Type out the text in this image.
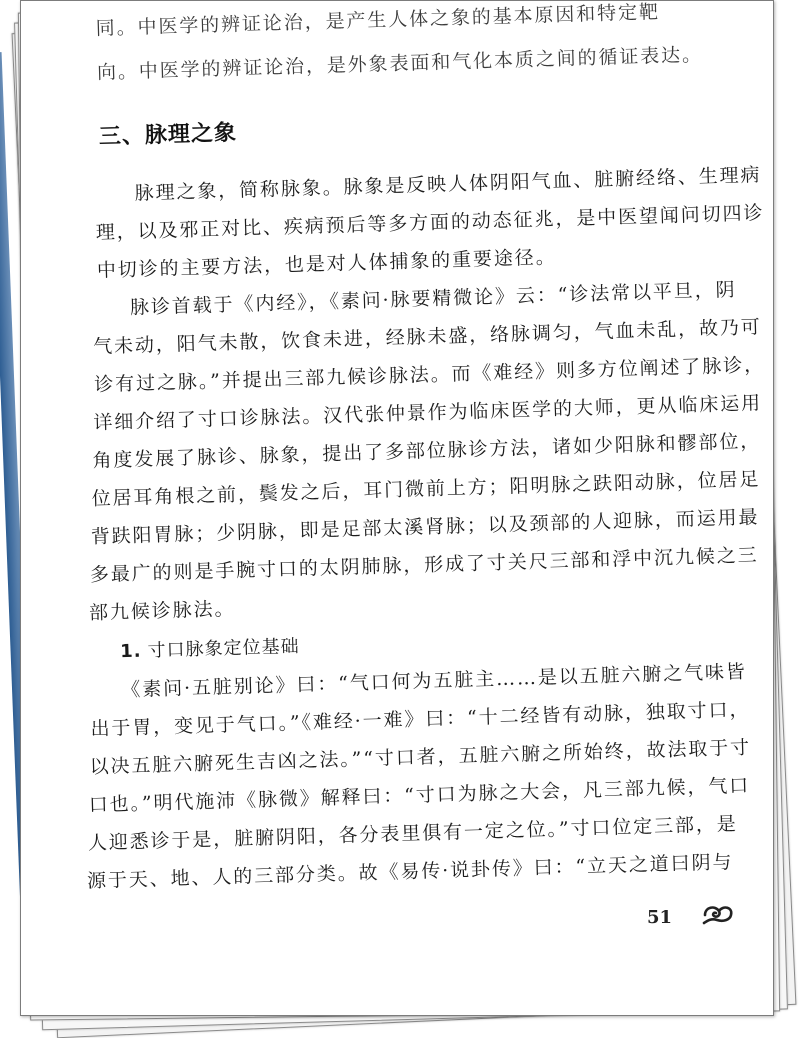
同。中医学的辨证论治，是产生人体之象的基本原因和特定靶
向。中医学的辨证论治，是外象表面和气化本质之间的循证表达。
三、脉理之象
脉理之象，简称脉象。脉象是反映人体阴阳气血、脏腑经络、生理病
理，以及邪正对比、疾病预后等多方面的动态征兆，是中医望闻问切四诊
中切诊的主要方法，也是对人体捕象的重要途径。
脉诊首载于《内经》，《素问·脉要精微论》云：“诊法常以平旦，阴
气未动，阳气未散，饮食未进，经脉未盛，络脉调匀，气血未乱，故乃可
诊有过之脉。”并提出三部九候诊脉法。而《难经》则多方位阐述了脉诊，
详细介绍了寸口诊脉法。汉代张仲景作为临床医学的大师，更从临床运用
角度发展了脉诊、脉象，提出了多部位脉诊方法，诸如少阳脉和髎部位，
位居耳角根之前，鬓发之后，耳门微前上方；阳明脉之趺阳动脉，位居足
背趺阳胃脉；少阴脉，即是足部太溪肾脉；以及颈部的人迎脉，而运用最
多最广的则是手腕寸口的太阴肺脉，形成了寸关尺三部和浮中沉九候之三
部九候诊脉法。
1. 寸口脉象定位基础
《素问·五脏别论》曰：“气口何为五脏主……是以五脏六腑之气味皆
出于胃，变见于气口。”《难经·一难》曰：“十二经皆有动脉，独取寸口，
以决五脏六腑死生吉凶之法。”“寸口者，五脏六腑之所始终，故法取于寸
口也。”明代施沛《脉微》解释曰：“寸口为脉之大会，凡三部九候，气口
人迎悉诊于是，脏腑阴阳，各分表里俱有一定之位。”寸口位定三部，是
源于天、地、人的三部分类。故《易传·说卦传》曰：“立天之道曰阴与
51
